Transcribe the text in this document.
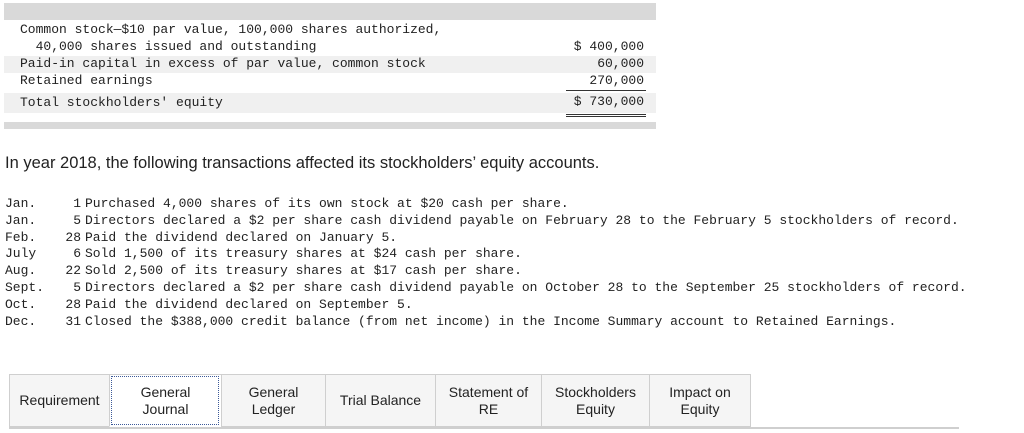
Common stock—$10 par value, 100,000 shares authorized,
40,000 shares issued and outstanding	$ 400,000
Paid-in capital in excess of par value, common stock	60,000
Retained earnings	270,000
Total stockholders' equity	$ 730,000
In year 2018, the following transactions affected its stockholders’ equity accounts.
Jan.	1 Purchased 4,000 shares of its own stock at $20 cash per share.
Jan.	5 Directors declared a $2 per share cash dividend payable on February 28 to the February 5 stockholders of record.
Feb.	28 Paid the dividend declared on January 5.
July	6 Sold 1,500 of its treasury shares at $24 cash per share.
Aug.	22 Sold 2,500 of its treasury shares at $17 cash per share.
Sept.	5 Directors declared a $2 per share cash dividend payable on October 28 to the September 25 stockholders of record.
Oct.	28 Paid the dividend declared on September 5.
Dec.	31 Closed the $388,000 credit balance (from net income) in the Income Summary account to Retained Earnings.
Requirement
General
Journal
General
Ledger
Trial Balance
Statement of
RE
Stockholders
Equity
Impact on
Equity
